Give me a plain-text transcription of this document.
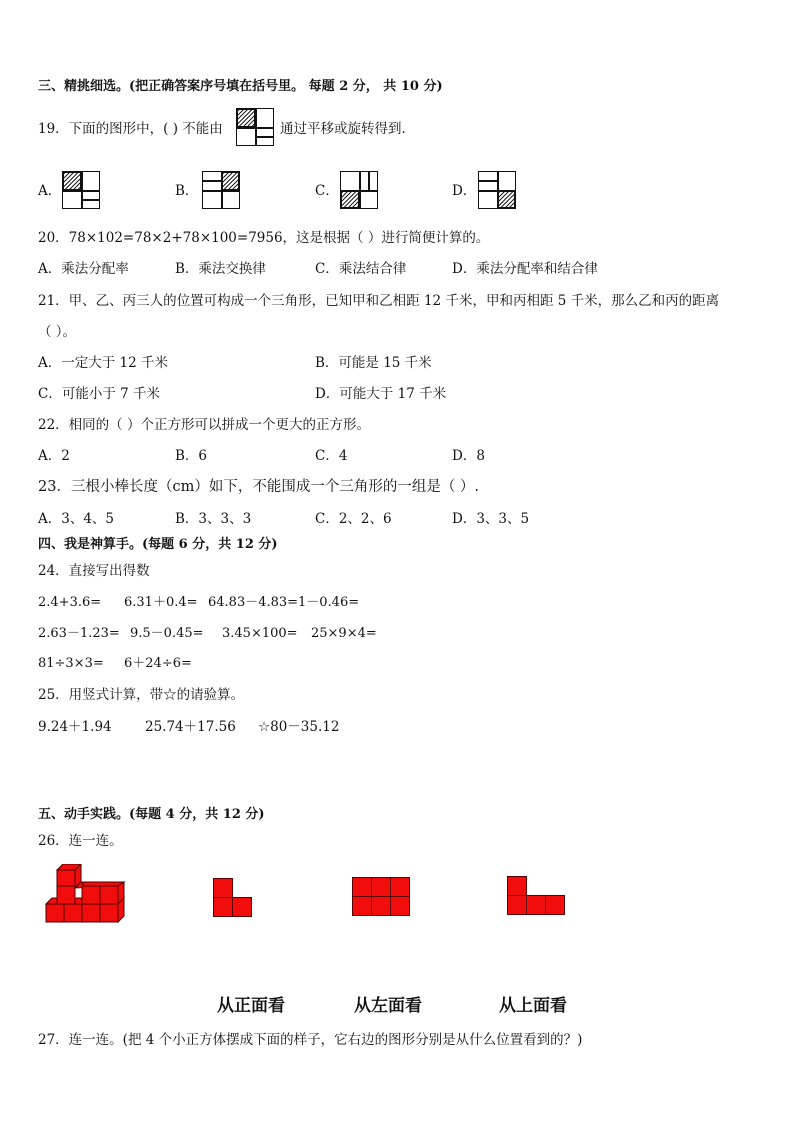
三、精挑细选。(把正确答案序号填在括号里。 每题 2 分， 共 10 分)
19．下面的图形中，( ) 不能由	通过平移或旋转得到．
A．	B．	C．	D．
20．78×102=78×2+78×100=7956，这是根据（ ）进行简便计算的。
A．乘法分配率	B．乘法交换律	C．乘法结合律	D．乘法分配率和结合律
21．甲、乙、丙三人的位置可构成一个三角形，已知甲和乙相距 12 千米，甲和丙相距 5 千米，那么乙和丙的距离
（ ）。
A．一定大于 12 千米	B．可能是 15 千米
C．可能小于 7 千米	D．可能大于 17 千米
22．相同的（ ）个正方形可以拼成一个更大的正方形。
A．2	B．6	C．4	D．8
23．三根小棒长度（cm）如下，不能围成一个三角形的一组是（ ）.
A．3、4、5	B．3、3、3	C．2、2、6	D．3、3、5
四、我是神算手。(每题 6 分，共 12 分)
24．直接写出得数
2.4+3.6= 6.31＋0.4= 64.83－4.83= 1－0.46=
2.63－1.23= 9.5－0.45= 3.45×100= 25×9×4=
81÷3×3= 6＋24÷6=
25．用竖式计算，带☆的请验算。
9.24＋1.94 25.74＋17.56 ☆80－35.12
五、动手实践。(每题 4 分，共 12 分)
26．连一连。
从正面看	从左面看	从上面看
27．连一连。(把 4 个小正方体摆成下面的样子，它右边的图形分别是从什么位置看到的？)
